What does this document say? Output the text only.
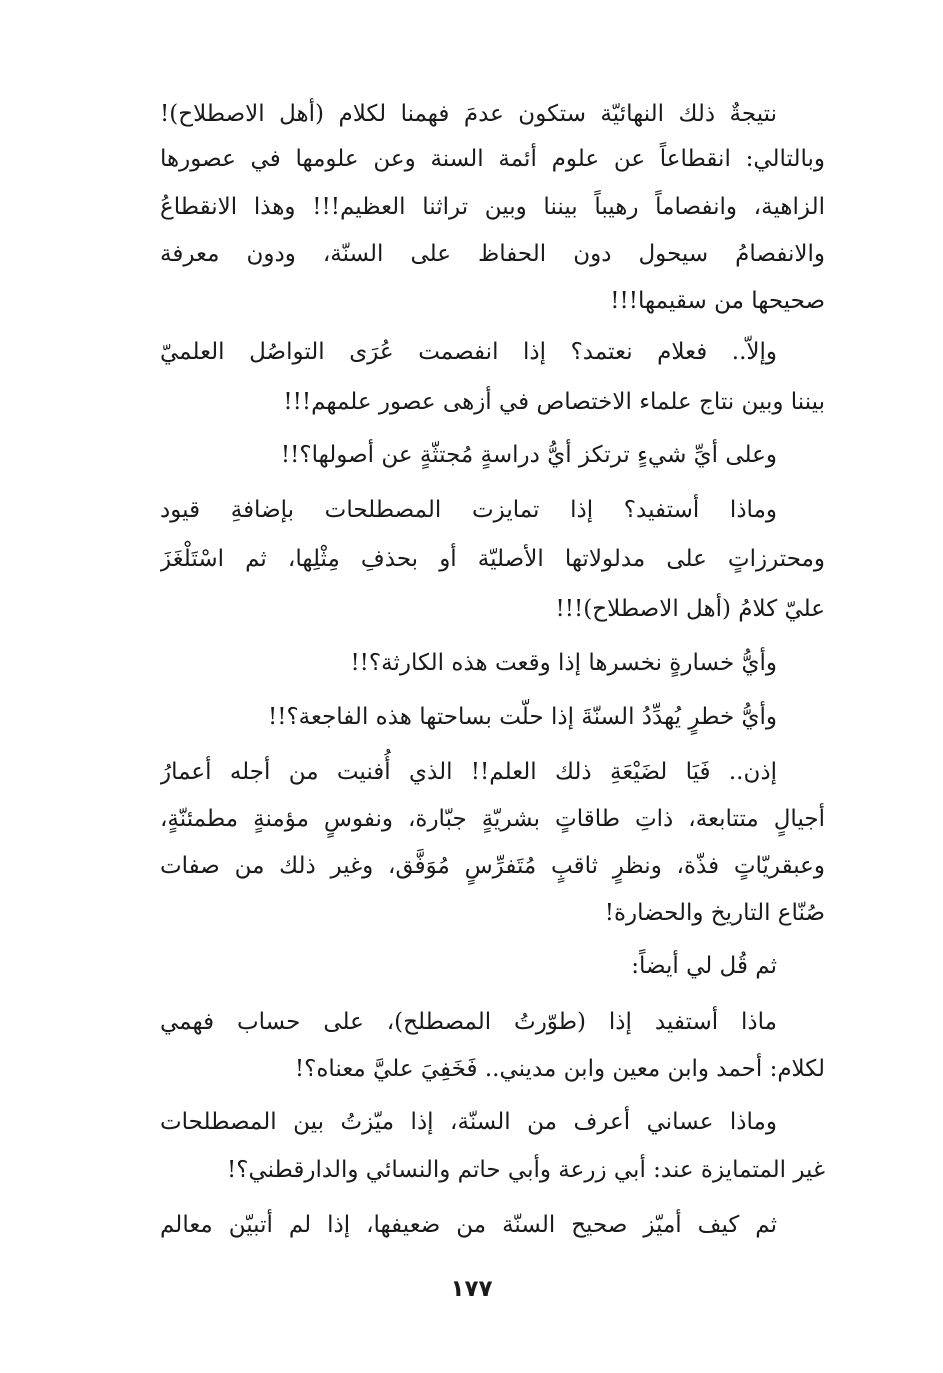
نتيجةٌ ذلك النهائيّة ستكون عدمَ فهمنا لكلام (أهل الاصطلاح)!
وبالتالي: انقطاعاً عن علوم أئمة السنة وعن علومها في عصورها
الزاهية، وانفصاماً رهيباً بيننا وبين تراثنا العظيم!!! وهذا الانقطاعُ
والانفصامُ سيحول دون الحفاظ على السنّة، ودون معرفة
صحيحها من سقيمها!!!
وإلاّ.. فعلام نعتمد؟ إذا انفصمت عُرَى التواصُل العلميّ
بيننا وبين نتاج علماء الاختصاص في أزهى عصور علمهم!!!
وعلى أيِّ شيءٍ ترتكز أيُّ دراسةٍ مُجتثّةٍ عن أصولها؟!!
وماذا أستفيد؟ إذا تمايزت المصطلحات بإضافةِ قيود
ومحترزاتٍ على مدلولاتها الأصليّة أو بحذفِ مِثْلِها، ثم اسْتَلْغَزَ
عليّ كلامُ (أهل الاصطلاح)!!!
وأيُّ خسارةٍ نخسرها إذا وقعت هذه الكارثة؟!!
وأيُّ خطرٍ يُهدِّدُ السنّةَ إذا حلّت بساحتها هذه الفاجعة؟!!
إذن.. فَيَا لضَيْعَةِ ذلك العلم!! الذي أُفنيت من أجله أعمارُ
أجيالٍ متتابعة، ذاتِ طاقاتٍ بشريّةٍ جبّارة، ونفوسٍ مؤمنةٍ مطمئنّةٍ،
وعبقريّاتٍ فذّة، ونظرٍ ثاقبٍ مُتَفرِّسٍ مُوَفَّق، وغير ذلك من صفات
صُنّاع التاريخ والحضارة!
ثم قُل لي أيضاً:
ماذا أستفيد إذا (طوّرتُ المصطلح)، على حساب فهمي
لكلام: أحمد وابن معين وابن مديني.. فَخَفِيَ عليَّ معناه؟!
وماذا عساني أعرف من السنّة، إذا ميّزتُ بين المصطلحات
غير المتمايزة عند: أبي زرعة وأبي حاتم والنسائي والدارقطني؟!
ثم كيف أميّز صحيح السنّة من ضعيفها، إذا لم أتبيّن معالم
١٧٧
